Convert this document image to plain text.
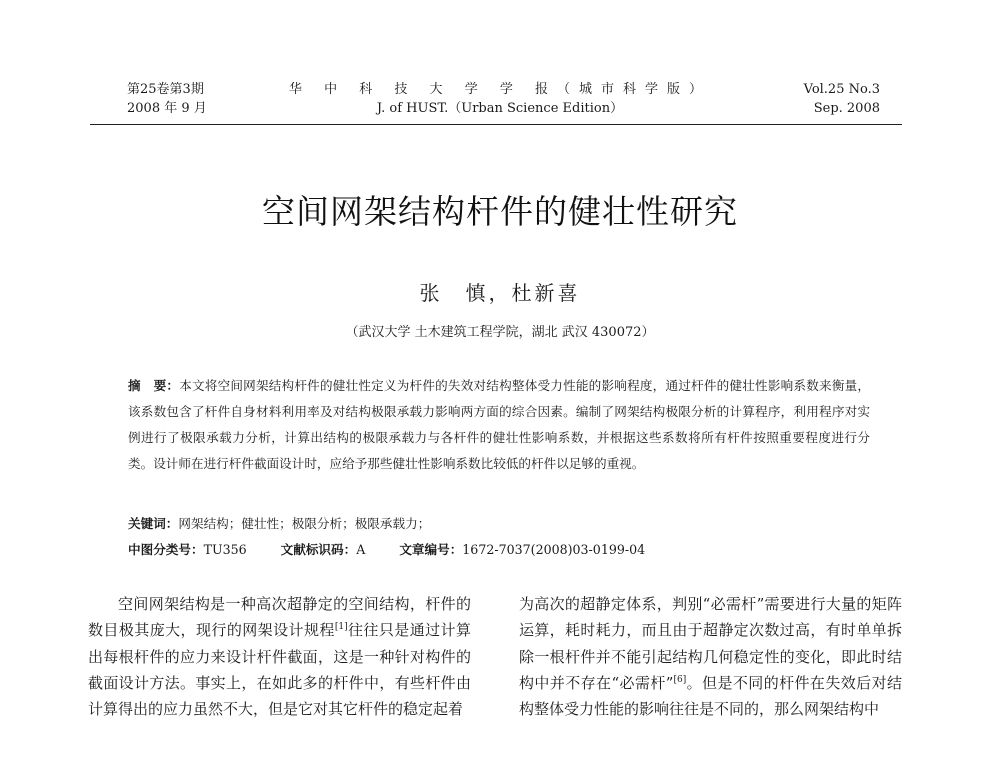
第25卷第3期
2008 年 9 月
华 中 科 技 大 学 学 报（城市科学版）
J. of HUST.（Urban Science Edition）
Vol.25 No.3
Sep. 2008
空间网架结构杆件的健壮性研究
张　慎，杜新喜
（武汉大学 土木建筑工程学院，湖北 武汉 430072）
摘　要：本文将空间网架结构杆件的健壮性定义为杆件的失效对结构整体受力性能的影响程度，通过杆件的健壮性影响系数来衡量，该系数包含了杆件自身材料利用率及对结构极限承载力影响两方面的综合因素。编制了网架结构极限分析的计算程序，利用程序对实例进行了极限承载力分析，计算出结构的极限承载力与各杆件的健壮性影响系数，并根据这些系数将所有杆件按照重要程度进行分类。设计师在进行杆件截面设计时，应给予那些健壮性影响系数比较低的杆件以足够的重视。
关键词：网架结构；健壮性；极限分析；极限承载力；
中图分类号：TU356	文献标识码：A	文章编号：1672-7037(2008)03-0199-04
空间网架结构是一种高次超静定的空间结构，杆件的数目极其庞大，现行的网架设计规程[1]往往只是通过计算出每根杆件的应力来设计杆件截面，这是一种针对构件的截面设计方法。事实上，在如此多的杆件中，有些杆件由计算得出的应力虽然不大，但是它对其它杆件的稳定起着
为高次的超静定体系，判别“必需杆”需要进行大量的矩阵运算，耗时耗力，而且由于超静定次数过高，有时单单拆除一根杆件并不能引起结构几何稳定性的变化，即此时结构中并不存在“必需杆”[6]。但是不同的杆件在失效后对结构整体受力性能的影响往往是不同的，那么网架结构中
